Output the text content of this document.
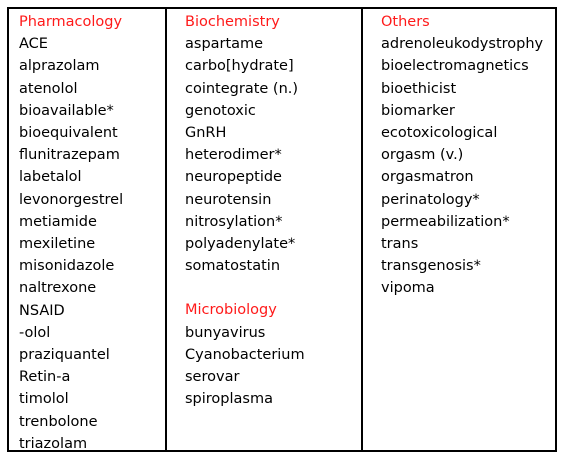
Pharmacology
ACE
alprazolam
atenolol
bioavailable*
bioequivalent
flunitrazepam
labetalol
levonorgestrel
metiamide
mexiletine
misonidazole
naltrexone
NSAID
-olol
praziquantel
Retin-a
timolol
trenbolone
triazolam
Biochemistry
aspartame
carbo[hydrate]
cointegrate (n.)
genotoxic
GnRH
heterodimer*
neuropeptide
neurotensin
nitrosylation*
polyadenylate*
somatostatin
Microbiology
bunyavirus
Cyanobacterium
serovar
spiroplasma
Others
adrenoleukodystrophy
bioelectromagnetics
bioethicist
biomarker
ecotoxicological
orgasm (v.)
orgasmatron
perinatology*
permeabilization*
trans
transgenosis*
vipoma
